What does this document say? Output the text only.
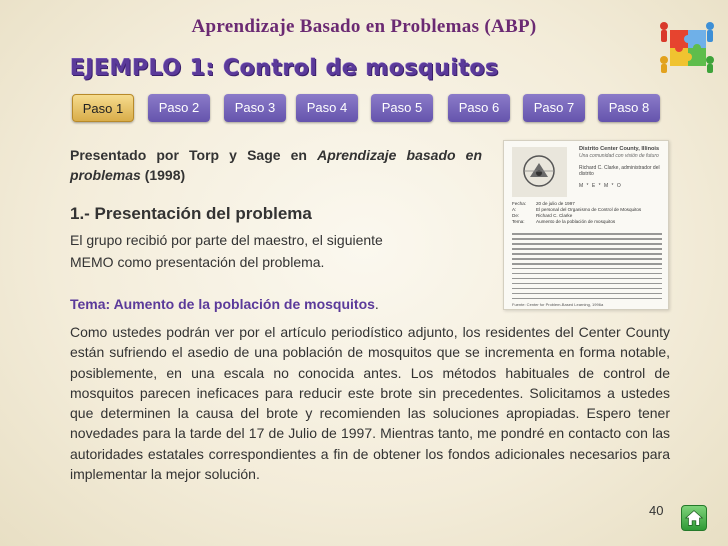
Aprendizaje Basado en Problemas (ABP)
EJEMPLO 1: Control de mosquitos
Paso 1	Paso 2	Paso 3	Paso 4	Paso 5	Paso 6	Paso 7	Paso 8
Presentado por Torp y Sage en Aprendizaje basado en problemas (1998)
1.- Presentación del problema
El grupo recibió por parte del maestro, el siguiente
MEMO como presentación del problema.
Tema: Aumento de la población de mosquitos.
Distrito Center County, Illinois
Una comunidad con visión de futuro
Richard C. Clarke, administrador del distrito
M * E * M * O
Fecha:	20 de julio de 1997
A:	El personal del Organismo de Control de Mosquitos
De:	Richard C. Clarke
Tema:	Aumento de la población de mosquitos
Fuente: Center for Problem-Based Learning, 1996a
Como ustedes podrán ver por el artículo periodístico adjunto, los residentes del Center County están sufriendo el asedio de una población de mosquitos que se incrementa en forma notable, posiblemente, en una escala no conocida antes. Los métodos habituales de control de mosquitos parecen ineficaces para reducir este brote sin precedentes. Solicitamos a ustedes que determinen la causa del brote y recomienden las soluciones apropiadas. Espero tener novedades para la tarde del 17 de Julio de 1997. Mientras tanto, me pondré en contacto con las autoridades estatales correspondientes a fin de obtener los fondos adicionales necesarios para implementar la mejor solución.
40
